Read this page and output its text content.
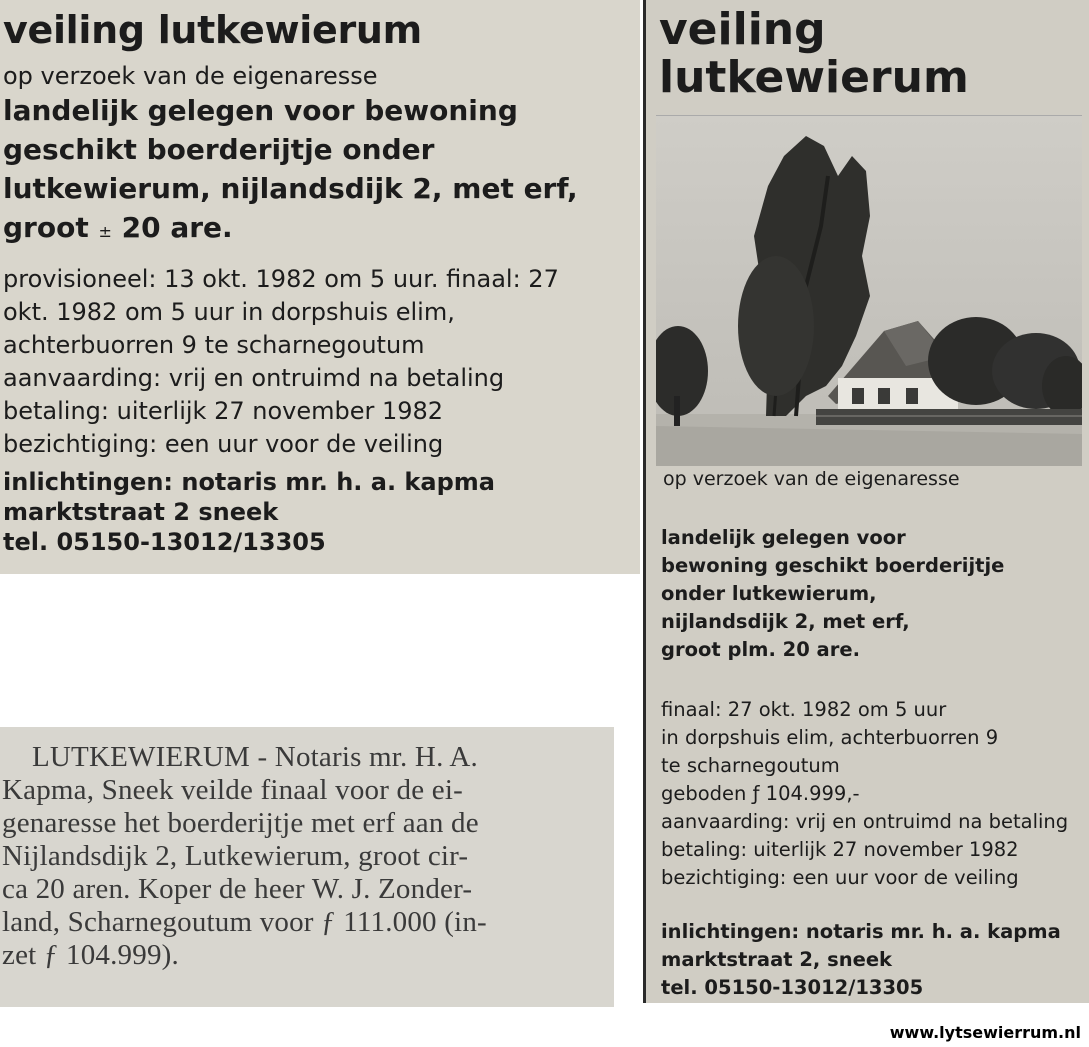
veiling lutkewierum

op verzoek van de eigenaresse

landelijk gelegen voor bewoning
geschikt boerderijtje onder
lutkewierum, nijlandsdijk 2, met erf,
groot ± 20 are.
provisioneel: 13 okt. 1982 om 5 uur. finaal: 27
okt. 1982 om 5 uur in dorpshuis elim,
achterbuorren 9 te scharnegoutum
aanvaarding: vrij en ontruimd na betaling
betaling: uiterlijk 27 november 1982
bezichtiging: een uur voor de veiling
inlichtingen: notaris mr. h. a. kapma
marktstraat 2 sneek
tel. 05150-13012/13305
veiling
lutkewierum
op verzoek van de eigenaresse
landelijk gelegen voor
bewoning geschikt boerderijtje
onder lutkewierum,
nijlandsdijk 2, met erf,
groot plm. 20 are.
finaal: 27 okt. 1982 om 5 uur
in dorpshuis elim, achterbuorren 9
te scharnegoutum
geboden ƒ 104.999,-
aanvaarding: vrij en ontruimd na betaling
betaling: uiterlijk 27 november 1982
bezichtiging: een uur voor de veiling
inlichtingen: notaris mr. h. a. kapma
marktstraat 2, sneek
tel. 05150-13012/13305
LUTKEWIERUM - Notaris mr. H. A.
Kapma, Sneek veilde finaal voor de ei-
genaresse het boerderijtje met erf aan de
Nijlandsdijk 2, Lutkewierum, groot cir-
ca 20 aren. Koper de heer W. J. Zonder-
land, Scharnegoutum voor ƒ 111.000 (in-
zet ƒ 104.999).
www.lytsewierrum.nl
